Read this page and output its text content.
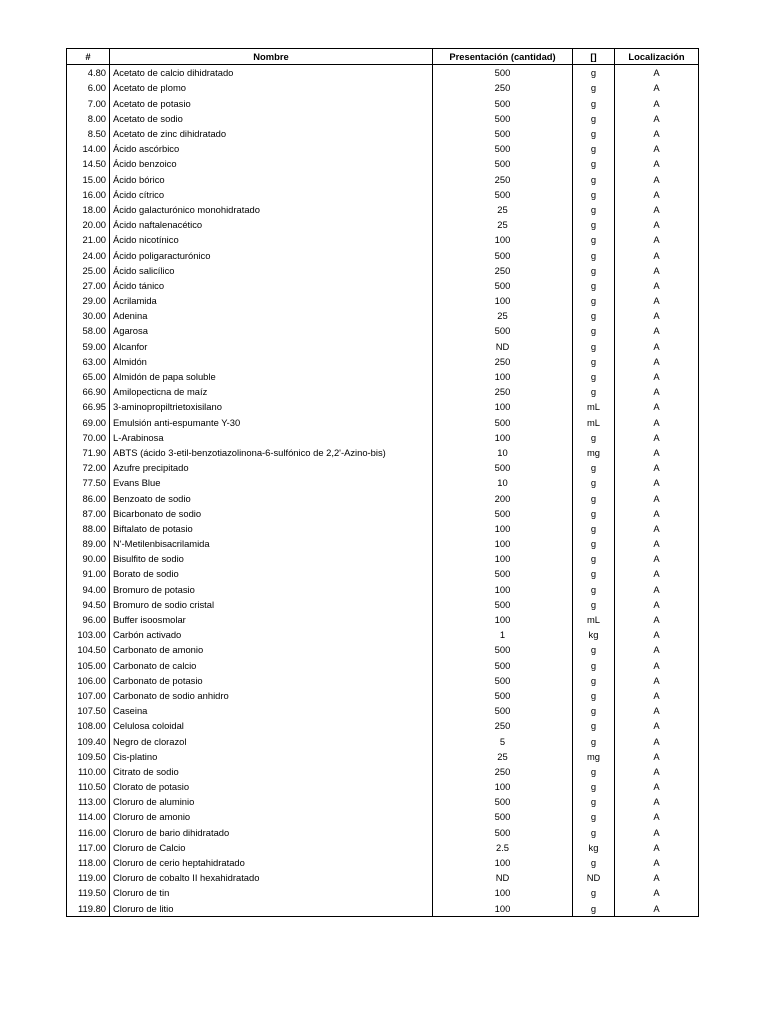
#	Nombre	Presentación (cantidad)	[]	Localización
4.80	Acetato de calcio dihidratado	500	g	A
6.00	Acetato de plomo	250	g	A
7.00	Acetato de potasio	500	g	A
8.00	Acetato de sodio	500	g	A
8.50	Acetato de zinc dihidratado	500	g	A
14.00	Ácido ascórbico	500	g	A
14.50	Ácido benzoico	500	g	A
15.00	Ácido bórico	250	g	A
16.00	Ácido cítrico	500	g	A
18.00	Ácido galacturónico monohidratado	25	g	A
20.00	Ácido naftalenacético	25	g	A
21.00	Ácido nicotínico	100	g	A
24.00	Ácido poligaracturónico	500	g	A
25.00	Ácido salicílico	250	g	A
27.00	Ácido tánico	500	g	A
29.00	Acrilamida	100	g	A
30.00	Adenina	25	g	A
58.00	Agarosa	500	g	A
59.00	Alcanfor	ND	g	A
63.00	Almidón	250	g	A
65.00	Almidón de papa soluble	100	g	A
66.90	Amilopecticna de maíz	250	g	A
66.95	3-aminopropiltrietoxisilano	100	mL	A
69.00	Emulsión anti-espumante Y-30	500	mL	A
70.00	L-Arabinosa	100	g	A
71.90	ABTS (ácido 3-etil-benzotiazolinona-6-sulfónico de 2,2'-Azino-bis)	10	mg	A
72.00	Azufre precipitado	500	g	A
77.50	Evans Blue	10	g	A
86.00	Benzoato de sodio	200	g	A
87.00	Bicarbonato de sodio	500	g	A
88.00	Biftalato de potasio	100	g	A
89.00	N'-Metilenbisacrilamida	100	g	A
90.00	Bisulfito de sodio	100	g	A
91.00	Borato de sodio	500	g	A
94.00	Bromuro de potasio	100	g	A
94.50	Bromuro de sodio cristal	500	g	A
96.00	Buffer isoosmolar	100	mL	A
103.00	Carbón activado	1	kg	A
104.50	Carbonato de amonio	500	g	A
105.00	Carbonato de calcio	500	g	A
106.00	Carbonato de potasio	500	g	A
107.00	Carbonato de sodio anhidro	500	g	A
107.50	Caseina	500	g	A
108.00	Celulosa coloidal	250	g	A
109.40	Negro de clorazol	5	g	A
109.50	Cis-platino	25	mg	A
110.00	Citrato de sodio	250	g	A
110.50	Clorato de potasio	100	g	A
113.00	Cloruro de aluminio	500	g	A
114.00	Cloruro de amonio	500	g	A
116.00	Cloruro de bario dihidratado	500	g	A
117.00	Cloruro de Calcio	2.5	kg	A
118.00	Cloruro de cerio heptahidratado	100	g	A
119.00	Cloruro de cobalto II hexahidratado	ND	ND	A
119.50	Cloruro de tin	100	g	A
119.80	Cloruro de litio	100	g	A
